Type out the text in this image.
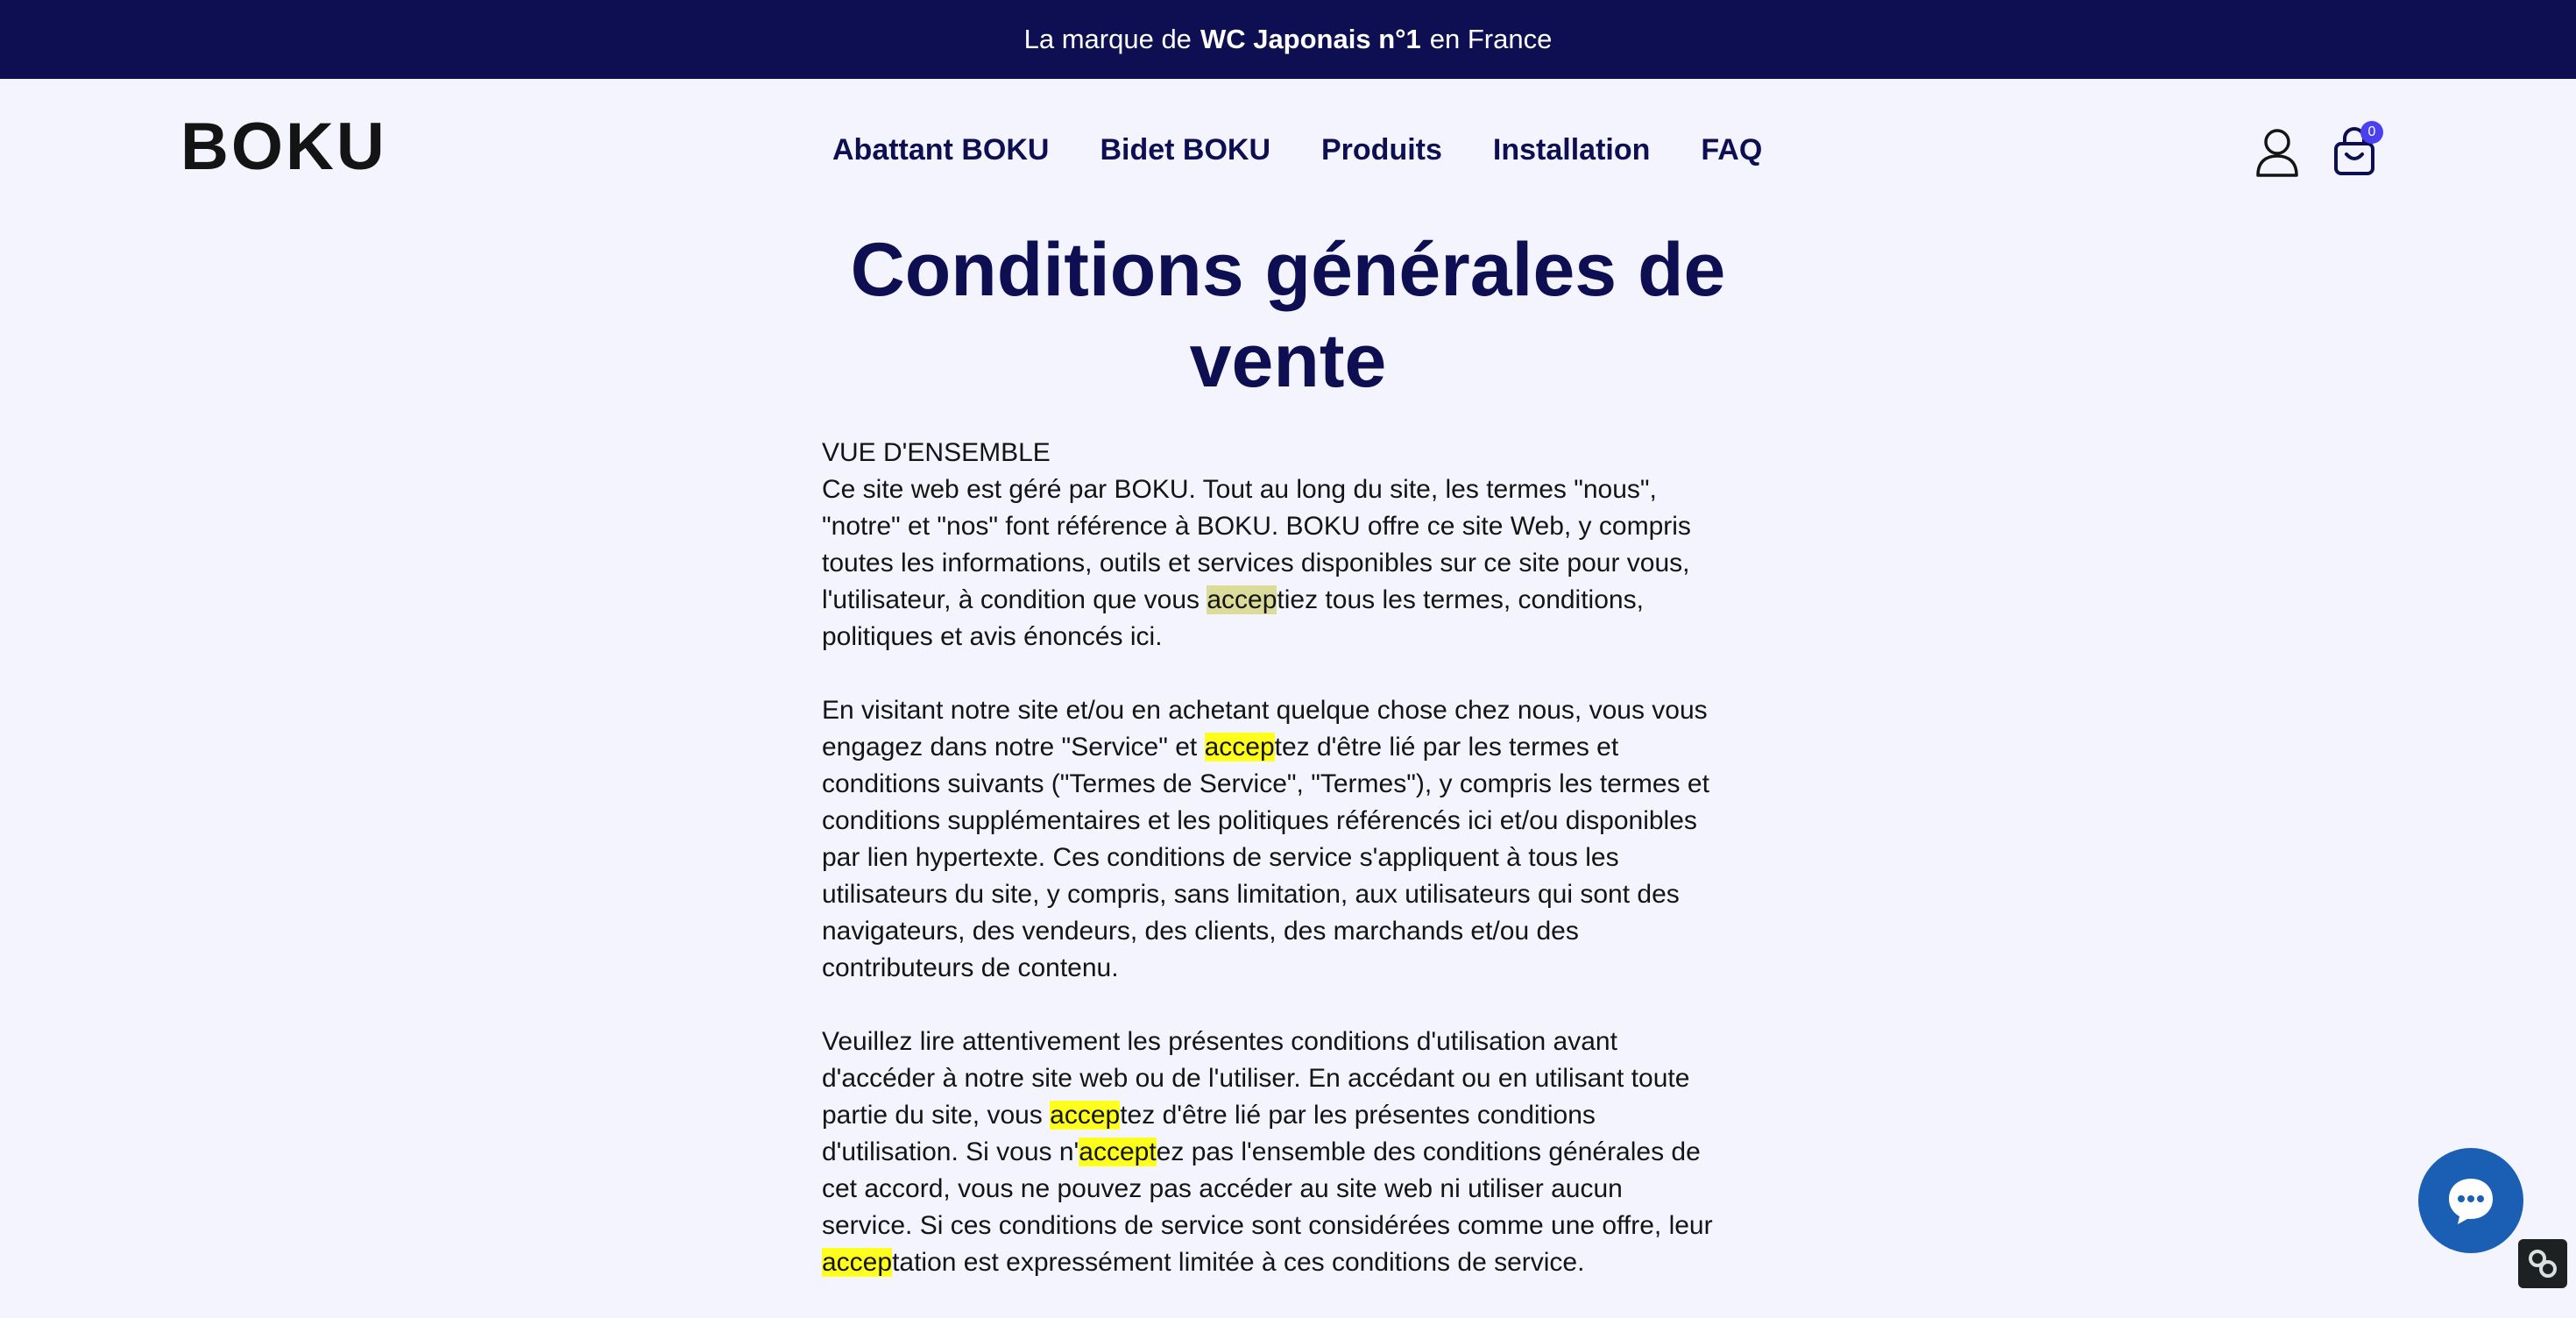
La marque de WC Japonais n°1 en France
BOKU	Abattant BOKU Bidet BOKU Produits Installation FAQ
0
Conditions générales de
vente
VUE D'ENSEMBLE

Ce site web est géré par BOKU. Tout au long du site, les termes "nous",
"notre" et "nos" font référence à BOKU. BOKU offre ce site Web, y compris
toutes les informations, outils et services disponibles sur ce site pour vous,
l'utilisateur, à condition que vous acceptiez tous les termes, conditions,
politiques et avis énoncés ici.

En visitant notre site et/ou en achetant quelque chose chez nous, vous vous
engagez dans notre "Service" et acceptez d'être lié par les termes et
conditions suivants ("Termes de Service", "Termes"), y compris les termes et
conditions supplémentaires et les politiques référencés ici et/ou disponibles
par lien hypertexte. Ces conditions de service s'appliquent à tous les
utilisateurs du site, y compris, sans limitation, aux utilisateurs qui sont des
navigateurs, des vendeurs, des clients, des marchands et/ou des
contributeurs de contenu.

Veuillez lire attentivement les présentes conditions d'utilisation avant
d'accéder à notre site web ou de l'utiliser. En accédant ou en utilisant toute
partie du site, vous acceptez d'être lié par les présentes conditions
d'utilisation. Si vous n'acceptez pas l'ensemble des conditions générales de
cet accord, vous ne pouvez pas accéder au site web ni utiliser aucun
service. Si ces conditions de service sont considérées comme une offre, leur
acceptation est expressément limitée à ces conditions de service.
